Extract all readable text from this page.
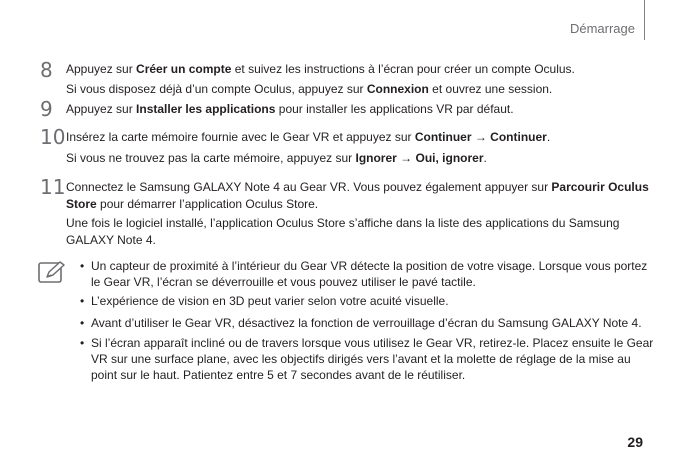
Démarrage
8 Appuyez sur Créer un compte et suivez les instructions à l’écran pour créer un compte Oculus.
Si vous disposez déjà d’un compte Oculus, appuyez sur Connexion et ouvrez une session.
9 Appuyez sur Installer les applications pour installer les applications VR par défaut.
10 Insérez la carte mémoire fournie avec le Gear VR et appuyez sur Continuer → Continuer.
Si vous ne trouvez pas la carte mémoire, appuyez sur Ignorer → Oui, ignorer.
11 Connectez le Samsung GALAXY Note 4 au Gear VR. Vous pouvez également appuyer sur Parcourir Oculus
Store pour démarrer l’application Oculus Store.
Une fois le logiciel installé, l’application Oculus Store s’affiche dans la liste des applications du Samsung
GALAXY Note 4.
• Un capteur de proximité à l’intérieur du Gear VR détecte la position de votre visage. Lorsque vous portez
le Gear VR, l’écran se déverrouille et vous pouvez utiliser le pavé tactile.
• L’expérience de vision en 3D peut varier selon votre acuité visuelle.
• Avant d’utiliser le Gear VR, désactivez la fonction de verrouillage d’écran du Samsung GALAXY Note 4.
• Si l’écran apparaît incliné ou de travers lorsque vous utilisez le Gear VR, retirez-le. Placez ensuite le Gear
VR sur une surface plane, avec les objectifs dirigés vers l’avant et la molette de réglage de la mise au
point sur le haut. Patientez entre 5 et 7 secondes avant de le réutiliser.
29
